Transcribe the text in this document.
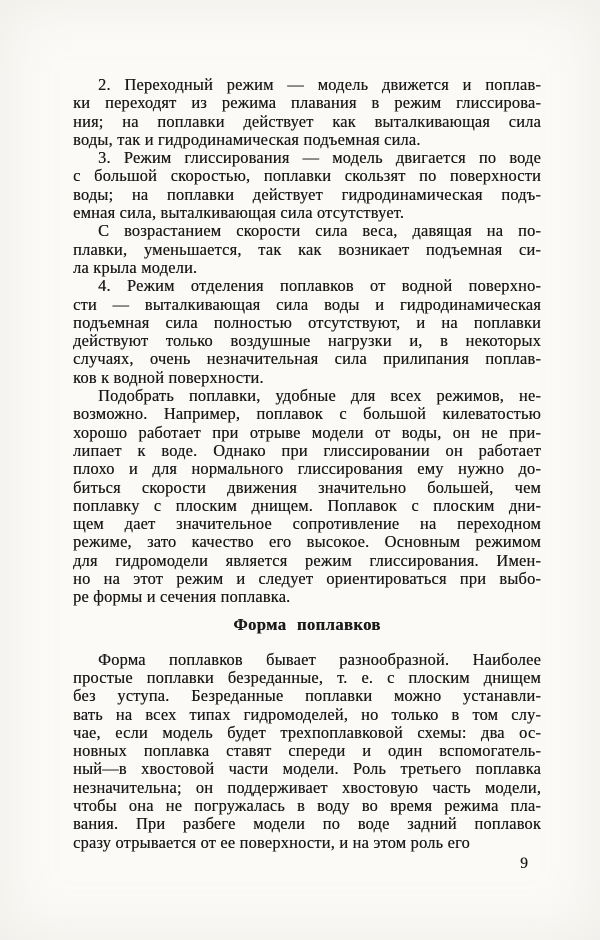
2. Переходный режим — модель движется и поплав-
ки переходят из режима плавания в режим глиссирова-
ния; на поплавки действует как выталкивающая сила
воды, так и гидродинамическая подъемная сила.
3. Режим глиссирования — модель двигается по воде
с большой скоростью, поплавки скользят по поверхности
воды; на поплавки действует гидродинамическая подъ-
емная сила, выталкивающая сила отсутствует.
С возрастанием скорости сила веса, давящая на по-
плавки, уменьшается, так как возникает подъемная си-
ла крыла модели.
4. Режим отделения поплавков от водной поверхно-
сти — выталкивающая сила воды и гидродинамическая
подъемная сила полностью отсутствуют, и на поплавки
действуют только воздушные нагрузки и, в некоторых
случаях, очень незначительная сила прилипания поплав-
ков к водной поверхности.
Подобрать поплавки, удобные для всех режимов, не-
возможно. Например, поплавок с большой килеватостью
хорошо работает при отрыве модели от воды, он не при-
липает к воде. Однако при глиссировании он работает
плохо и для нормального глиссирования ему нужно до-
биться скорости движения значительно большей, чем
поплавку с плоским днищем. Поплавок с плоским дни-
щем дает значительное сопротивление на переходном
режиме, зато качество его высокое. Основным режимом
для гидромодели является режим глиссирования. Имен-
но на этот режим и следует ориентироваться при выбо-
ре формы и сечения поплавка.
Форма поплавков
Форма поплавков бывает разнообразной. Наиболее
простые поплавки безреданные, т. е. с плоским днищем
без уступа. Безреданные поплавки можно устанавли-
вать на всех типах гидромоделей, но только в том слу-
чае, если модель будет трехпоплавковой схемы: два ос-
новных поплавка ставят спереди и один вспомогатель-
ный—в хвостовой части модели. Роль третьего поплавка
незначительна; он поддерживает хвостовую часть модели,
чтобы она не погружалась в воду во время режима пла-
вания. При разбеге модели по воде задний поплавок
сразу отрывается от ее поверхности, и на этом роль его
9
